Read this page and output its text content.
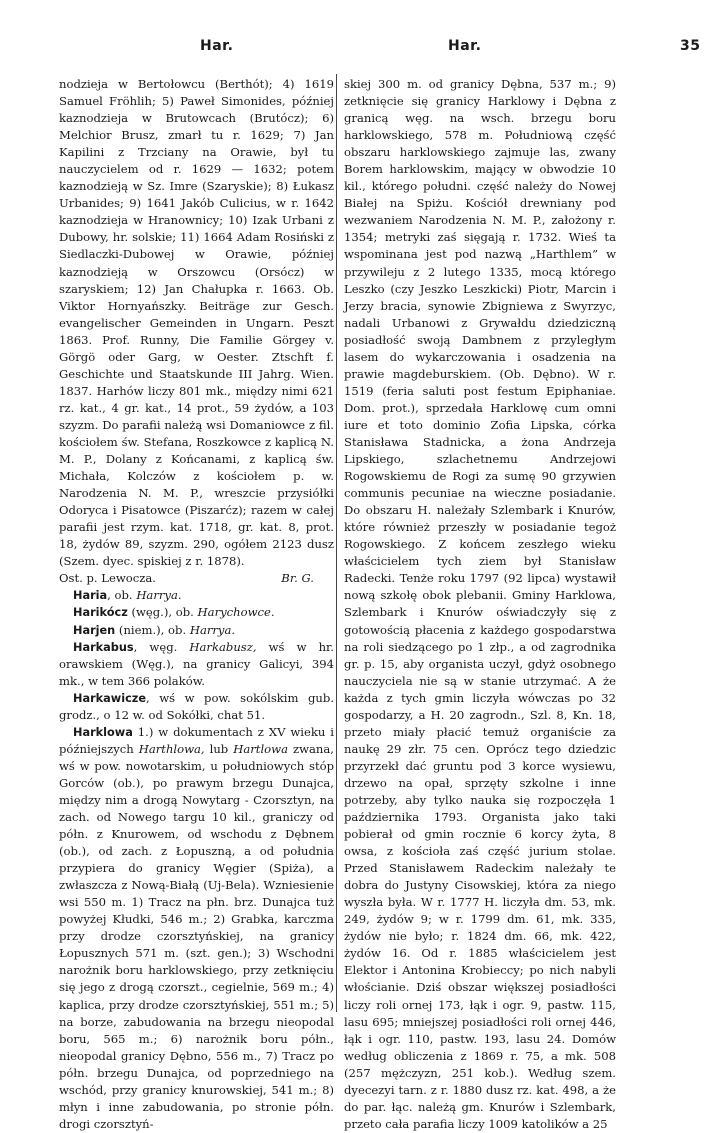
Har.	Har.	35

nodzieja w Bertołowcu (Berthót); 4) 1619 Samuel Fröhlih; 5) Paweł Simonides, później kaznodzieja w Brutowcach (Brutócz); 6) Melchior Brusz, zmarł tu r. 1629; 7) Jan Kapilini z Trzciany na Orawie, był tu nauczycielem od r. 1629 — 1632; potem kaznodzieją w Sz. Imre (Szaryskie); 8) Łukasz Urbanides; 9) 1641 Jakób Culicius, w r. 1642 kaznodzieja w Hranownicy; 10) Izak Urbani z Dubowy, hr. solskie; 11) 1664 Adam Rosiński z Siedlaczki-Dubowej w Orawie, później kaznodzieją w Orszowcu (Orsócz) w szaryskiem; 12) Jan Chałupka r. 1663. Ob. Viktor Hornyańszky. Beiträge zur Gesch. evangelischer Gemeinden in Ungarn. Peszt 1863. Prof. Runny, Die Familie Görgey v. Görgö oder Garg, w Oester. Ztschft f. Geschichte und Staatskunde III Jahrg. Wien. 1837. Harhów liczy 801 mk., między nimi 621 rz. kat., 4 gr. kat., 14 prot., 59 żydów, a 103 szyzm. Do parafii należą wsi Domaniowce z fil. kościołem św. Stefana, Roszkowce z kaplicą N. M. P., Dolany z Końcanami, z kaplicą św. Michała, Kolczów z kościołem p. w. Narodzenia N. M. P., wreszcie przysiółki Odoryca i Pisatowce (Piszarćz); razem w całej parafii jest rzym. kat. 1718, gr. kat. 8, prot. 18, żydów 89, szyzm. 290, ogółem 2123 dusz (Szem. dyec. spiskiej z r. 1878).

Ost. p. Lewocza.	Br. G.

Haria, ob. Harrya.

Harikócz (węg.), ob. Harychowce.

Harjen (niem.), ob. Harrya.

Harkabus, węg. Harkabusz, wś w hr. orawskiem (Węg.), na granicy Galicyi, 394 mk., w tem 366 polaków.

Harkawicze, wś w pow. sokólskim gub. grodz., o 12 w. od Sokółki, chat 51.

Harklowa 1.) w dokumentach z XV wieku i późniejszych Harthlowa, lub Hartlowa zwana, wś w pow. nowotarskim, u południowych stóp Gorców (ob.), po prawym brzegu Dunajca, między nim a drogą Nowytarg - Czorsztyn, na zach. od Nowego targu 10 kil., graniczy od półn. z Knurowem, od wschodu z Dębnem (ob.), od zach. z Łopuszną, a od południa przypiera do granicy Węgier (Spiża), a zwłaszcza z Nową-Białą (Uj-Bela). Wzniesienie wsi 550 m. 1) Tracz na płn. brz. Dunajca tuż powyżej Kłudki, 546 m.; 2) Grabka, karczma przy drodze czorsztyńskiej, na granicy Łopusznych 571 m. (szt. gen.); 3) Wschodni narożnik boru harklowskiego, przy zetknięciu się jego z drogą czorszt., cegielnie, 569 m.; 4) kaplica, przy drodze czorsztyńskiej, 551 m.; 5) na borze, zabudowania na brzegu nieopodal boru, 565 m.; 6) narożnik boru półn., nieopodal granicy Dębno, 556 m., 7) Tracz po półn. brzegu Dunajca, od poprzedniego na wschód, przy granicy knurowskiej, 541 m.; 8) młyn i inne zabudowania, po stronie półn. drogi czorsztyń-

skiej 300 m. od granicy Dębna, 537 m.; 9) zetknięcie się granicy Harklowy i Dębna z granicą węg. na wsch. brzegu boru harklowskiego, 578 m. Południową część obszaru harklowskiego zajmuje las, zwany Borem harklowskim, mający w obwodzie 10 kil., którego południ. część należy do Nowej Białej na Spiżu. Kościół drewniany pod wezwaniem Narodzenia N. M. P., założony r. 1354; metryki zaś sięgają r. 1732. Wieś ta wspominana jest pod nazwą „Harthlem” w przywileju z 2 lutego 1335, mocą którego Leszko (czy Jeszko Leszkicki) Piotr, Marcin i Jerzy bracia, synowie Zbigniewa z Swyrzyc, nadali Urbanowi z Grywałdu dziedziczną posiadłość swoją Dambnem z przyległym lasem do wykarczowania i osadzenia na prawie magdeburskiem. (Ob. Dębno). W r. 1519 (feria saluti post festum Epiphaniae. Dom. prot.), sprzedała Harklowę cum omni iure et toto dominio Zofia Lipska, córka Stanisława Stadnicka, a żona Andrzeja Lipskiego, szlachetnemu Andrzejowi Rogowskiemu de Rogi za sumę 90 grzywien communis pecuniae na wieczne posiadanie. Do obszaru H. należały Szlembark i Knurów, które również przeszły w posiadanie tegoż Rogowskiego. Z końcem zeszłego wieku właścicielem tych ziem był Stanisław Radecki. Tenże roku 1797 (92 lipca) wystawił nową szkołę obok plebanii. Gminy Harklowa, Szlembark i Knurów oświadczyły się z gotowością płacenia z każdego gospodarstwa na roli siedzącego po 1 złp., a od zagrodnika gr. p. 15, aby organista uczył, gdyż osobnego nauczyciela nie są w stanie utrzymać. A że każda z tych gmin liczyła wówczas po 32 gospodarzy, a H. 20 zagrodn., Szl. 8, Kn. 18, przeto miały płacić temuż organiście za naukę 29 złr. 75 cen. Oprócz tego dziedzic przyrzekł dać gruntu pod 3 korce wysiewu, drzewo na opał, sprzęty szkolne i inne potrzeby, aby tylko nauka się rozpoczęła 1 października 1793. Organista jako taki pobierał od gmin rocznie 6 korcy żyta, 8 owsa, z kościoła zaś część jurium stolae. Przed Stanisławem Radeckim należały te dobra do Justyny Cisowskiej, która za niego wyszła była. W r. 1777 H. liczyła dm. 53, mk. 249, żydów 9; w r. 1799 dm. 61, mk. 335, żydów nie było; r. 1824 dm. 66, mk. 422, żydów 16. Od r. 1885 właścicielem jest Elektor i Antonina Krobieccy; po nich nabyli włościanie. Dziś obszar większej posiadłości liczy roli ornej 173, łąk i ogr. 9, pastw. 115, lasu 695; mniejszej posiadłości roli ornej 446, łąk i ogr. 110, pastw. 193, lasu 24. Domów według obliczenia z 1869 r. 75, a mk. 508 (257 mężczyzn, 251 kob.). Według szem. dyecezyi tarn. z r. 1880 dusz rz. kat. 498, a że do par. łąc. należą gm. Knurów i Szlembark, przeto cała parafia liczy 1009 katolików a 25
